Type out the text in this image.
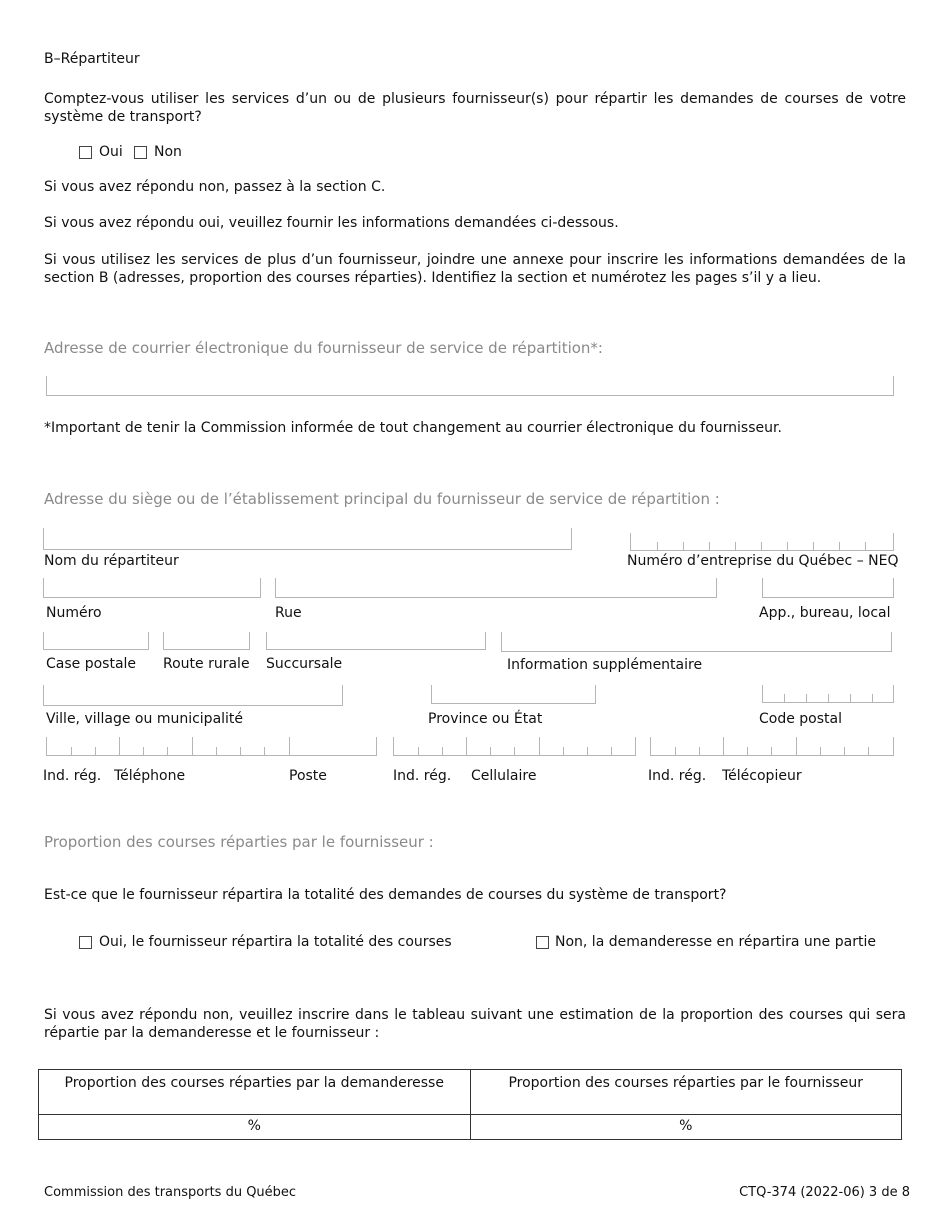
B–Répartiteur
Comptez-vous utiliser les services d’un ou de plusieurs fournisseur(s) pour répartir les demandes de courses de votre système de transport?
Oui Non
Si vous avez répondu non, passez à la section C.
Si vous avez répondu oui, veuillez fournir les informations demandées ci-dessous.
Si vous utilisez les services de plus d’un fournisseur, joindre une annexe pour inscrire les informations demandées de la section B (adresses, proportion des courses réparties). Identifiez la section et numérotez les pages s’il y a lieu.
Adresse de courrier électronique du fournisseur de service de répartition*:
*Important de tenir la Commission informée de tout changement au courrier électronique du fournisseur.
Adresse du siège ou de l’établissement principal du fournisseur de service de répartition :
Nom du répartiteur	Numéro d’entreprise du Québec – NEQ
Numéro	Rue	App., bureau, local
Case postale Route rurale Succursale	Information supplémentaire
Ville, village ou municipalité	Province ou État	Code postal
Ind. rég. Téléphone	Poste	Ind. rég. Cellulaire	Ind. rég. Télécopieur
Proportion des courses réparties par le fournisseur :
Est-ce que le fournisseur répartira la totalité des demandes de courses du système de transport?
Oui, le fournisseur répartira la totalité des courses	Non, la demanderesse en répartira une partie
Si vous avez répondu non, veuillez inscrire dans le tableau suivant une estimation de la proportion des courses qui sera répartie par la demanderesse et le fournisseur :
Proportion des courses réparties par la demanderesse	Proportion des courses réparties par le fournisseur
%	%
Commission des transports du Québec	CTQ-374 (2022-06) 3 de 8
